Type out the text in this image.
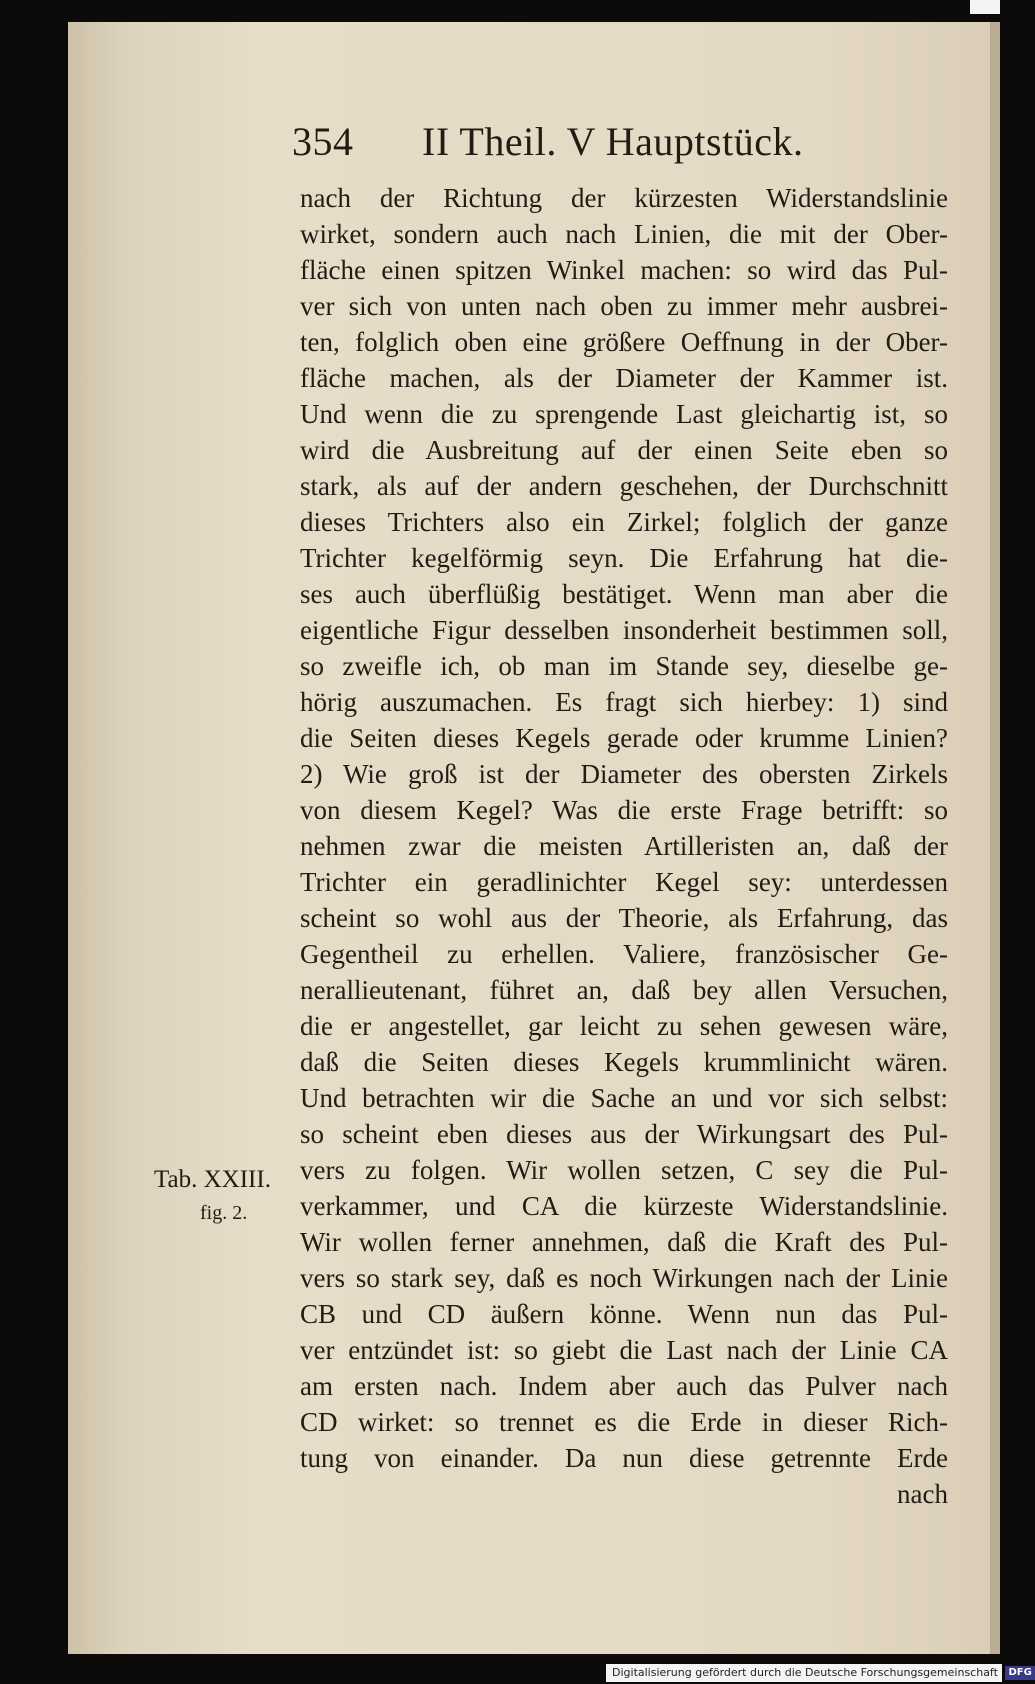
354 II Theil. V Hauptstück.
Tab. XXIII.
fig. 2.
nach der Richtung der kürzesten Widerstandslinie
wirket, sondern auch nach Linien, die mit der Ober-
fläche einen spitzen Winkel machen: so wird das Pul-
ver sich von unten nach oben zu immer mehr ausbrei-
ten, folglich oben eine größere Oeffnung in der Ober-
fläche machen, als der Diameter der Kammer ist.
Und wenn die zu sprengende Last gleichartig ist, so
wird die Ausbreitung auf der einen Seite eben so
stark, als auf der andern geschehen, der Durchschnitt
dieses Trichters also ein Zirkel; folglich der ganze
Trichter kegelförmig seyn. Die Erfahrung hat die-
ses auch überflüßig bestätiget. Wenn man aber die
eigentliche Figur desselben insonderheit bestimmen soll,
so zweifle ich, ob man im Stande sey, dieselbe ge-
hörig auszumachen. Es fragt sich hierbey: 1) sind
die Seiten dieses Kegels gerade oder krumme Linien?
2) Wie groß ist der Diameter des obersten Zirkels
von diesem Kegel? Was die erste Frage betrifft: so
nehmen zwar die meisten Artilleristen an, daß der
Trichter ein geradlinichter Kegel sey: unterdessen
scheint so wohl aus der Theorie, als Erfahrung, das
Gegentheil zu erhellen. Valiere, französischer Ge-
nerallieutenant, führet an, daß bey allen Versuchen,
die er angestellet, gar leicht zu sehen gewesen wäre,
daß die Seiten dieses Kegels krummlinicht wären.
Und betrachten wir die Sache an und vor sich selbst:
so scheint eben dieses aus der Wirkungsart des Pul-
vers zu folgen. Wir wollen setzen, C sey die Pul-
verkammer, und CA die kürzeste Widerstandslinie.
Wir wollen ferner annehmen, daß die Kraft des Pul-
vers so stark sey, daß es noch Wirkungen nach der Linie
CB und CD äußern könne. Wenn nun das Pul-
ver entzündet ist: so giebt die Last nach der Linie CA
am ersten nach. Indem aber auch das Pulver nach
CD wirket: so trennet es die Erde in dieser Rich-
tung von einander. Da nun diese getrennte Erde
nach
Digitalisierung gefördert durch die Deutsche Forschungsgemeinschaft DFG
